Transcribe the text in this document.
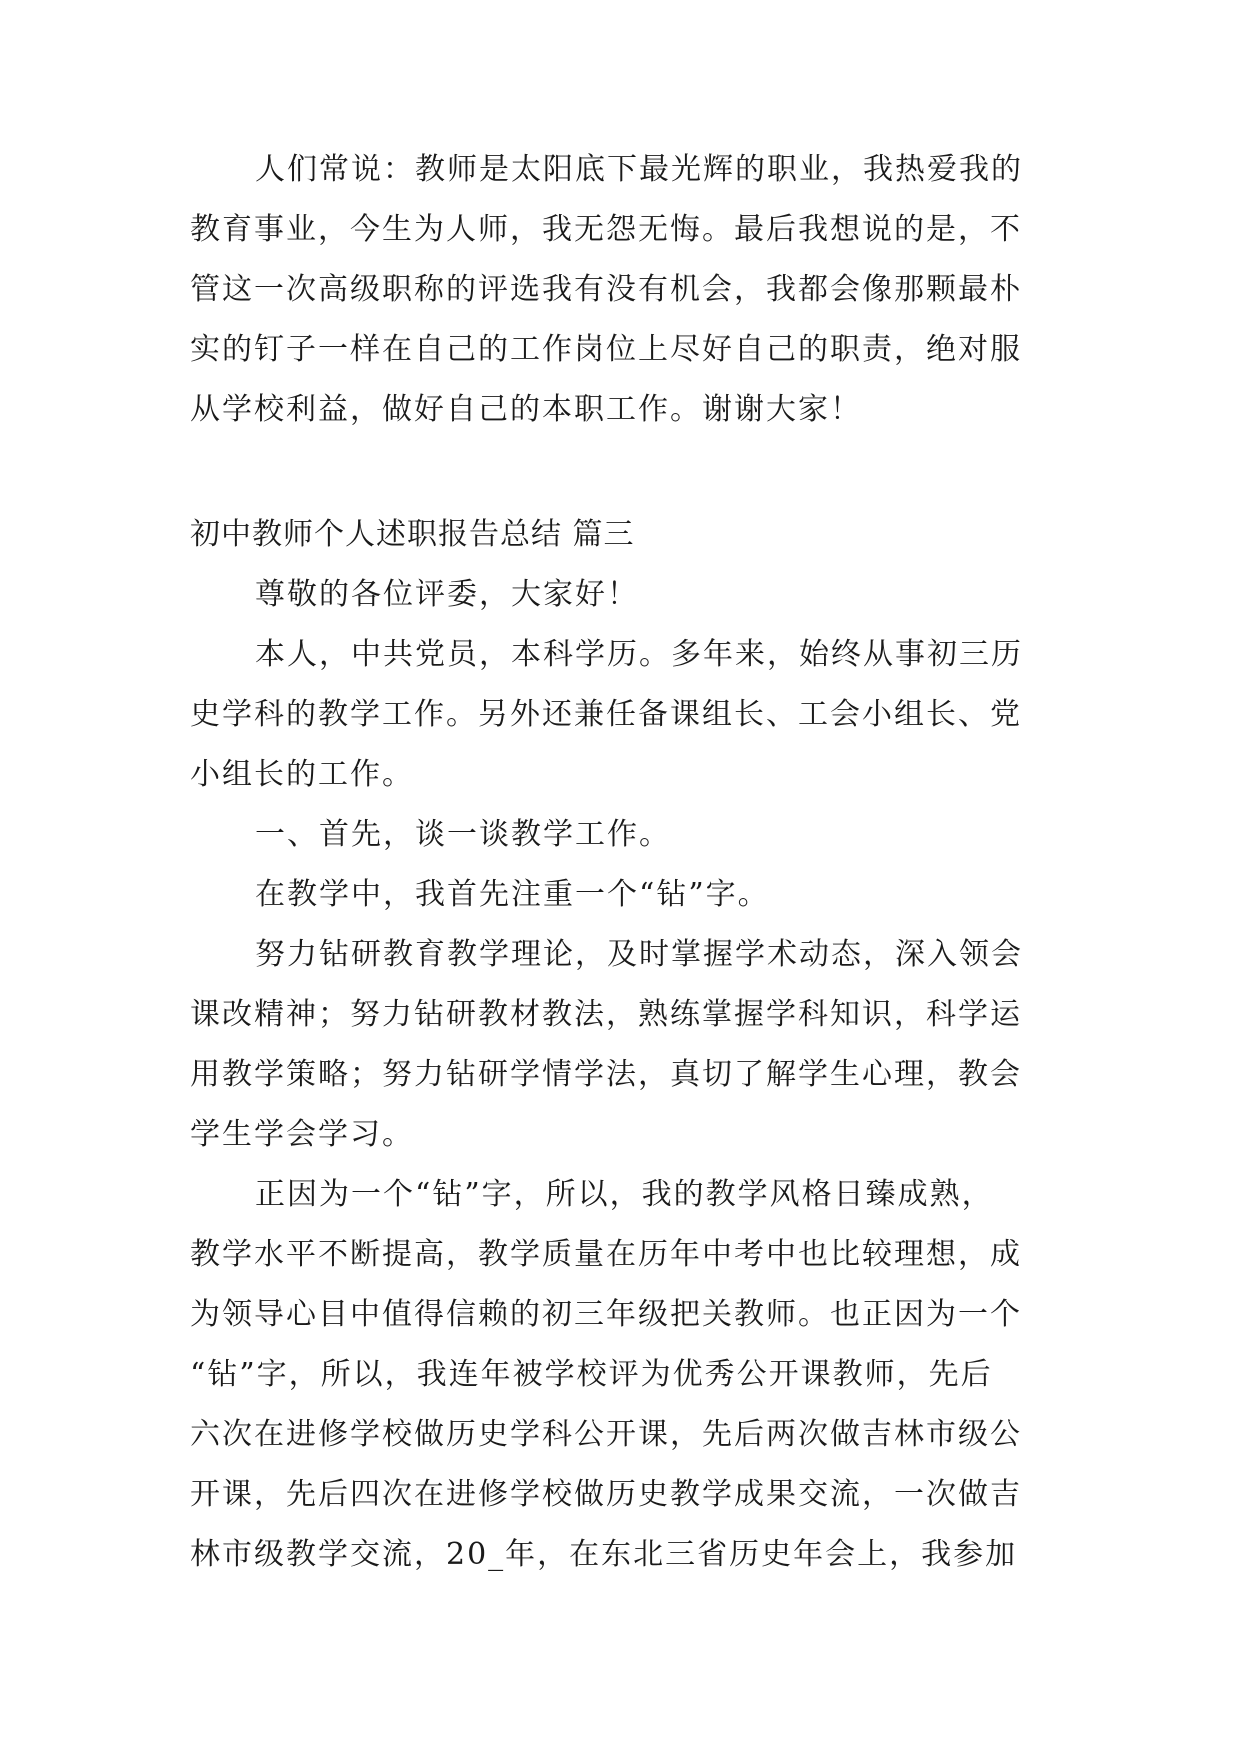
人们常说：教师是太阳底下最光辉的职业，我热爱我的
教育事业，今生为人师，我无怨无悔。最后我想说的是，不
管这一次高级职称的评选我有没有机会，我都会像那颗最朴
实的钉子一样在自己的工作岗位上尽好自己的职责，绝对服
从学校利益，做好自己的本职工作。谢谢大家！
初中教师个人述职报告总结 篇三
尊敬的各位评委，大家好！
本人，中共党员，本科学历。多年来，始终从事初三历
史学科的教学工作。另外还兼任备课组长、工会小组长、党
小组长的工作。
一、首先，谈一谈教学工作。
在教学中，我首先注重一个“钻”字。
努力钻研教育教学理论，及时掌握学术动态，深入领会
课改精神；努力钻研教材教法，熟练掌握学科知识，科学运
用教学策略；努力钻研学情学法，真切了解学生心理，教会
学生学会学习。
正因为一个“钻”字，所以，我的教学风格日臻成熟，
教学水平不断提高，教学质量在历年中考中也比较理想，成
为领导心目中值得信赖的初三年级把关教师。也正因为一个
“钻”字，所以，我连年被学校评为优秀公开课教师，先后
六次在进修学校做历史学科公开课，先后两次做吉林市级公
开课，先后四次在进修学校做历史教学成果交流，一次做吉
林市级教学交流，20_年，在东北三省历史年会上，我参加
